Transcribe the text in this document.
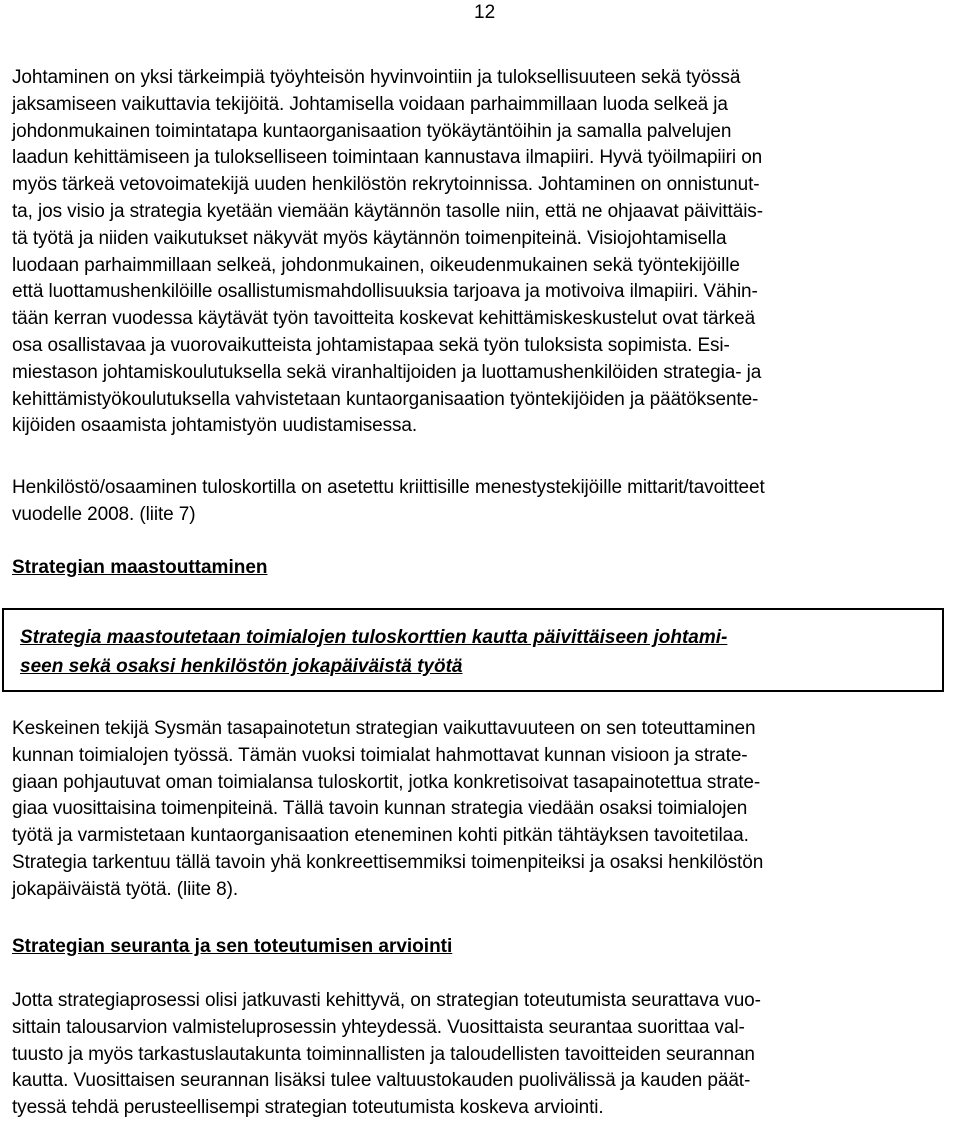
12

Johtaminen on yksi tärkeimpiä työyhteisön hyvinvointiin ja tuloksellisuuteen sekä työssä
jaksamiseen vaikuttavia tekijöitä. Johtamisella voidaan parhaimmillaan luoda selkeä ja
johdonmukainen toimintatapa kuntaorganisaation työkäytäntöihin ja samalla palvelujen
laadun kehittämiseen ja tulokselliseen toimintaan kannustava ilmapiiri. Hyvä työilmapiiri on
myös tärkeä vetovoimatekijä uuden henkilöstön rekrytoinnissa. Johtaminen on onnistunut-
ta, jos visio ja strategia kyetään viemään käytännön tasolle niin, että ne ohjaavat päivittäis-
tä työtä ja niiden vaikutukset näkyvät myös käytännön toimenpiteinä. Visiojohtamisella
luodaan parhaimmillaan selkeä, johdonmukainen, oikeudenmukainen sekä työntekijöille
että luottamushenkilöille osallistumismahdollisuuksia tarjoava ja motivoiva ilmapiiri. Vähin-
tään kerran vuodessa käytävät työn tavoitteita koskevat kehittämiskeskustelut ovat tärkeä
osa osallistavaa ja vuorovaikutteista johtamistapaa sekä työn tuloksista sopimista. Esi-
miestason johtamiskoulutuksella sekä viranhaltijoiden ja luottamushenkilöiden strategia- ja
kehittämistyökoulutuksella vahvistetaan kuntaorganisaation työntekijöiden ja päätöksente-
kijöiden osaamista johtamistyön uudistamisessa.

Henkilöstö/osaaminen tuloskortilla on asetettu kriittisille menestystekijöille mittarit/tavoitteet
vuodelle 2008. (liite 7)

Strategian maastouttaminen

Strategia maastoutetaan toimialojen tuloskorttien kautta päivittäiseen johtami-
seen sekä osaksi henkilöstön jokapäiväistä työtä

Keskeinen tekijä Sysmän tasapainotetun strategian vaikuttavuuteen on sen toteuttaminen
kunnan toimialojen työssä. Tämän vuoksi toimialat hahmottavat kunnan visioon ja strate-
giaan pohjautuvat oman toimialansa tuloskortit, jotka konkretisoivat tasapainotettua strate-
giaa vuosittaisina toimenpiteinä. Tällä tavoin kunnan strategia viedään osaksi toimialojen
työtä ja varmistetaan kuntaorganisaation eteneminen kohti pitkän tähtäyksen tavoitetilaa.
Strategia tarkentuu tällä tavoin yhä konkreettisemmiksi toimenpiteiksi ja osaksi henkilöstön
jokapäiväistä työtä. (liite 8).

Strategian seuranta ja sen toteutumisen arviointi

Jotta strategiaprosessi olisi jatkuvasti kehittyvä, on strategian toteutumista seurattava vuo-
sittain talousarvion valmisteluprosessin yhteydessä. Vuosittaista seurantaa suorittaa val-
tuusto ja myös tarkastuslautakunta toiminnallisten ja taloudellisten tavoitteiden seurannan
kautta. Vuosittaisen seurannan lisäksi tulee valtuustokauden puolivälissä ja kauden päät-
tyessä tehdä perusteellisempi strategian toteutumista koskeva arviointi.
